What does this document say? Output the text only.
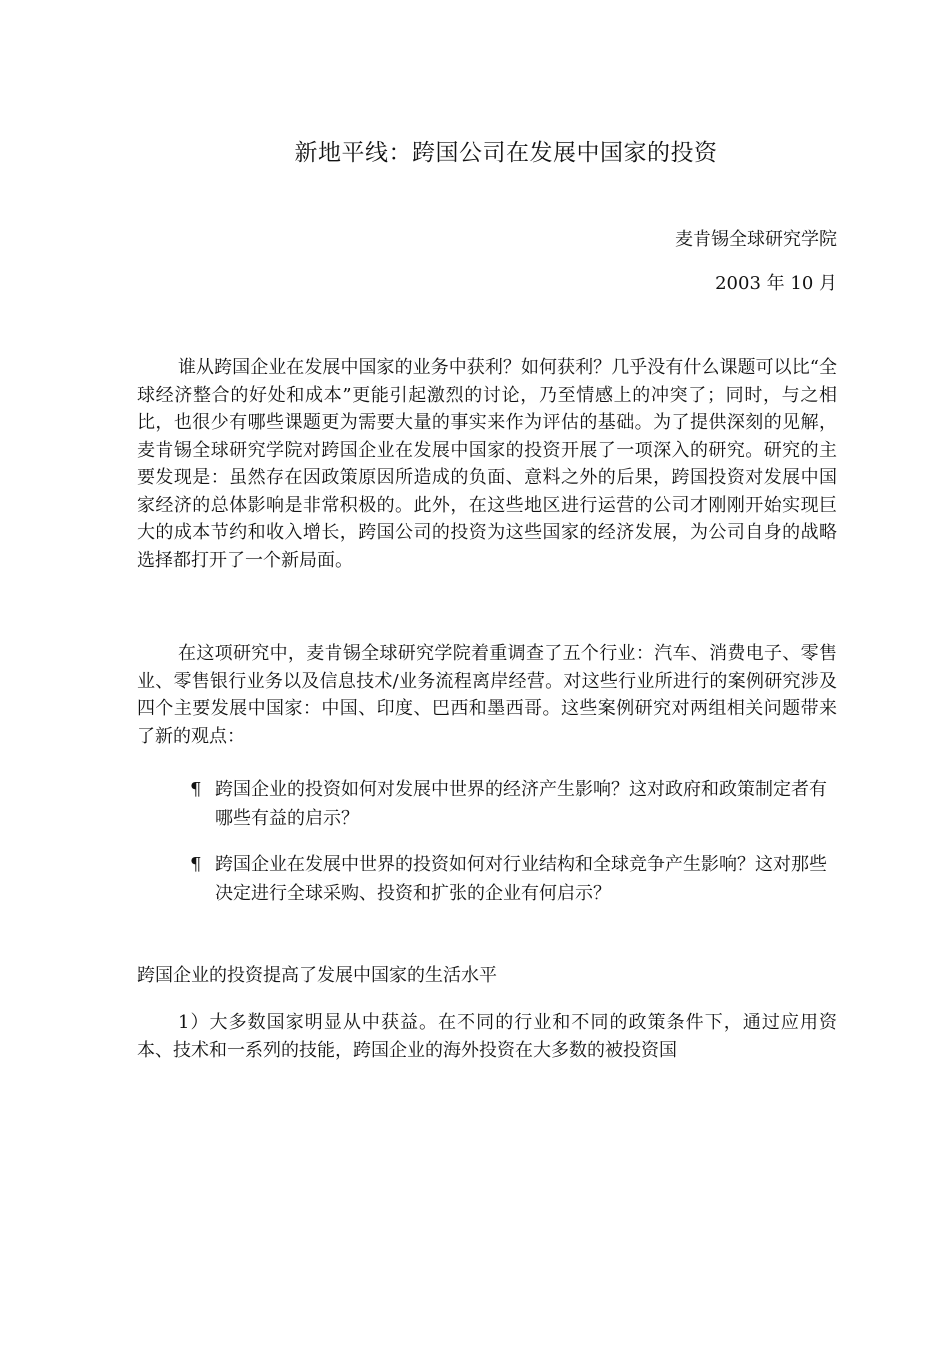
新地平线：跨国公司在发展中国家的投资
麦肯锡全球研究学院
2003 年 10 月

谁从跨国企业在发展中国家的业务中获利？如何获利？几乎没有什么课题可以比“全球经济整合的好处和成本”更能引起激烈的讨论，乃至情感上的冲突了；同时，与之相比，也很少有哪些课题更为需要大量的事实来作为评估的基础。为了提供深刻的见解，麦肯锡全球研究学院对跨国企业在发展中国家的投资开展了一项深入的研究。研究的主要发现是：虽然存在因政策原因所造成的负面、意料之外的后果，跨国投资对发展中国家经济的总体影响是非常积极的。此外，在这些地区进行运营的公司才刚刚开始实现巨大的成本节约和收入增长，跨国公司的投资为这些国家的经济发展，为公司自身的战略选择都打开了一个新局面。

在这项研究中，麦肯锡全球研究学院着重调查了五个行业：汽车、消费电子、零售业、零售银行业务以及信息技术/业务流程离岸经营。对这些行业所进行的案例研究涉及四个主要发展中国家：中国、印度、巴西和墨西哥。这些案例研究对两组相关问题带来了新的观点：

¶ 跨国企业的投资如何对发展中世界的经济产生影响？这对政府和政策制定者有哪些有益的启示？
¶ 跨国企业在发展中世界的投资如何对行业结构和全球竞争产生影响？这对那些决定进行全球采购、投资和扩张的企业有何启示？
跨国企业的投资提高了发展中国家的生活水平

1）大多数国家明显从中获益。在不同的行业和不同的政策条件下，通过应用资本、技术和一系列的技能，跨国企业的海外投资在大多数的被投资国
